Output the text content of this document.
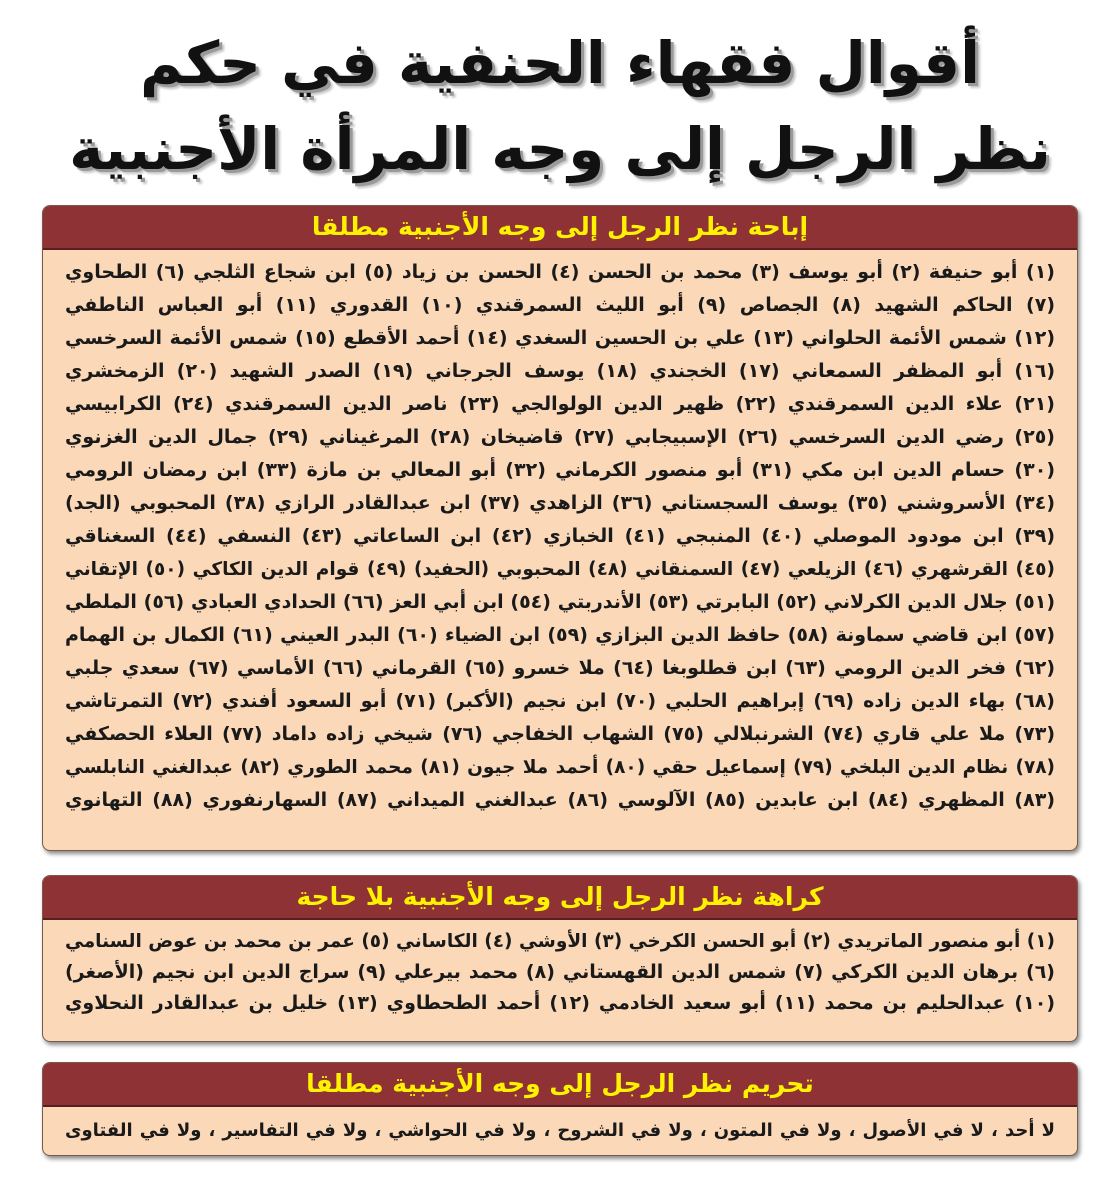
أقوال فقهاء الحنفية في حكم
نظر الرجل إلى وجه المرأة الأجنبية
إباحة نظر الرجل إلى وجه الأجنبية مطلقا
(١) أبو حنيفة (٢) أبو يوسف (٣) محمد بن الحسن (٤) الحسن بن زياد (٥) ابن شجاع الثلجي (٦) الطحاوي
(٧) الحاكم الشهيد (٨) الجصاص (٩) أبو الليث السمرقندي (١٠) القدوري (١١) أبو العباس الناطفي
(١٢) شمس الأئمة الحلواني (١٣) علي بن الحسين السغدي (١٤) أحمد الأقطع (١٥) شمس الأئمة السرخسي
(١٦) أبو المظفر السمعاني (١٧) الخجندي (١٨) يوسف الجرجاني (١٩) الصدر الشهيد (٢٠) الزمخشري
(٢١) علاء الدين السمرقندي (٢٢) ظهير الدين الولوالجي (٢٣) ناصر الدين السمرقندي (٢٤) الكرابيسي
(٢٥) رضي الدين السرخسي (٢٦) الإسبيجابي (٢٧) قاضيخان (٢٨) المرغيناني (٢٩) جمال الدين الغزنوي
(٣٠) حسام الدين ابن مكي (٣١) أبو منصور الكرماني (٣٢) أبو المعالي بن مازة (٣٣) ابن رمضان الرومي
(٣٤) الأسروشني (٣٥) يوسف السجستاني (٣٦) الزاهدي (٣٧) ابن عبدالقادر الرازي (٣٨) المحبوبي (الجد)
(٣٩) ابن مودود الموصلي (٤٠) المنبجي (٤١) الخبازي (٤٢) ابن الساعاتي (٤٣) النسفي (٤٤) السغناقي
(٤٥) القرشهري (٤٦) الزيلعي (٤٧) السمنقاني (٤٨) المحبوبي (الحفيد) (٤٩) قوام الدين الكاكي (٥٠) الإتقاني
(٥١) جلال الدين الكرلاني (٥٢) البابرتي (٥٣) الأندربتي (٥٤) ابن أبي العز (٦٦) الحدادي العبادي (٥٦) الملطي
(٥٧) ابن قاضي سماونة (٥٨) حافظ الدين البزازي (٥٩) ابن الضياء (٦٠) البدر العيني (٦١) الكمال بن الهمام
(٦٢) فخر الدين الرومي (٦٣) ابن قطلوبغا (٦٤) ملا خسرو (٦٥) القرماني (٦٦) الأماسي (٦٧) سعدي جلبي
(٦٨) بهاء الدين زاده (٦٩) إبراهيم الحلبي (٧٠) ابن نجيم (الأكبر) (٧١) أبو السعود أفندي (٧٢) التمرتاشي
(٧٣) ملا علي قاري (٧٤) الشرنبلالي (٧٥) الشهاب الخفاجي (٧٦) شيخي زاده داماد (٧٧) العلاء الحصكفي
(٧٨) نظام الدين البلخي (٧٩) إسماعيل حقي (٨٠) أحمد ملا جيون (٨١) محمد الطوري (٨٢) عبدالغني النابلسي
(٨٣) المظهري (٨٤) ابن عابدين (٨٥) الآلوسي (٨٦) عبدالغني الميداني (٨٧) السهارنفوري (٨٨) التهانوي
كراهة نظر الرجل إلى وجه الأجنبية بلا حاجة
(١) أبو منصور الماتريدي (٢) أبو الحسن الكرخي (٣) الأوشي (٤) الكاساني (٥) عمر بن محمد بن عوض السنامي
(٦) برهان الدين الكركي (٧) شمس الدين القهستاني (٨) محمد بيرعلي (٩) سراج الدين ابن نجيم (الأصغر)
(١٠) عبدالحليم بن محمد (١١) أبو سعيد الخادمي (١٢) أحمد الطحطاوي (١٣) خليل بن عبدالقادر النحلاوي
تحريم نظر الرجل إلى وجه الأجنبية مطلقا
لا أحد ، لا في الأصول ، ولا في المتون ، ولا في الشروح ، ولا في الحواشي ، ولا في التفاسير ، ولا في الفتاوى
